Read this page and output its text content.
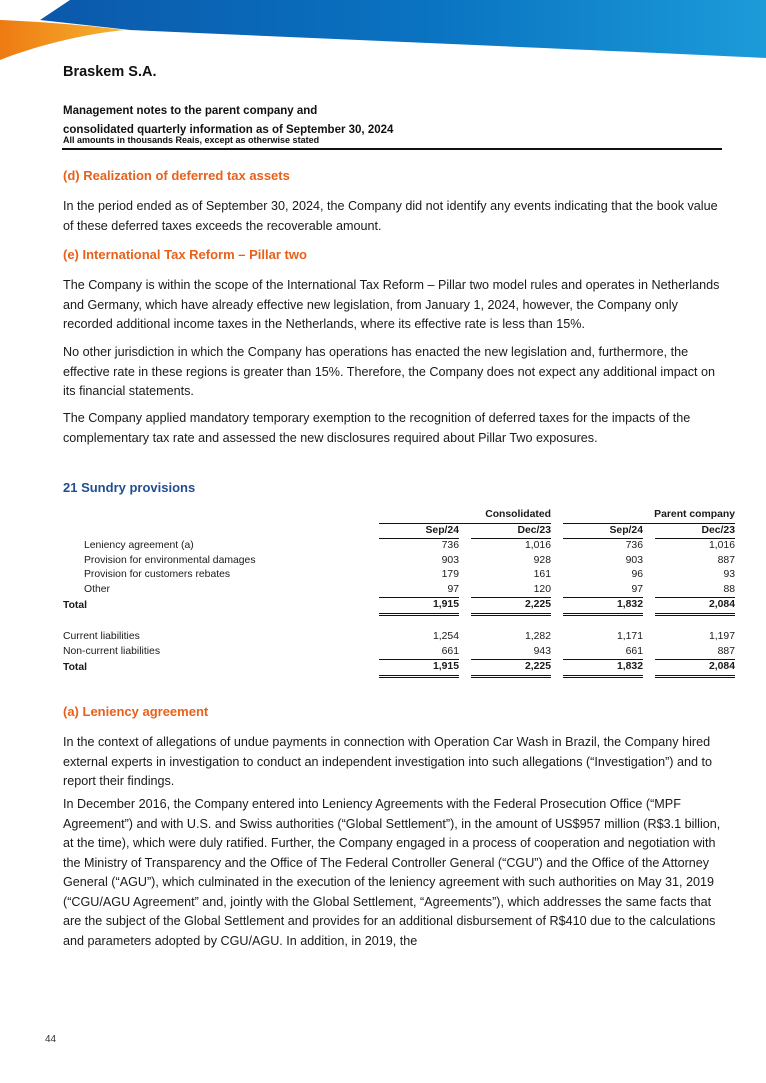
Braskem S.A.
Management notes to the parent company and
consolidated quarterly information as of September 30, 2024
All amounts in thousands Reais, except as otherwise stated
(d) Realization of deferred tax assets

In the period ended as of September 30, 2024, the Company did not identify any events indicating that the book value of these deferred taxes exceeds the recoverable amount.

(e) International Tax Reform – Pillar two

The Company is within the scope of the International Tax Reform – Pillar two model rules and operates in Netherlands and Germany, which have already effective new legislation, from January 1, 2024, however, the Company only recorded additional income taxes in the Netherlands, where its effective rate is less than 15%.

No other jurisdiction in which the Company has operations has enacted the new legislation and, furthermore, the effective rate in these regions is greater than 15%. Therefore, the Company does not expect any additional impact on its financial statements.

The Company applied mandatory temporary exemption to the recognition of deferred taxes for the impacts of the complementary tax rate and assessed the new disclosures required about Pillar Two exposures.

21 Sundry provisions
	Consolidated				Parent company		
	Sep/24		Dec/23		Sep/24		Dec/23
Leniency agreement (a)	736		1,016		736		1,016
Provision for environmental damages	903		928		903		887
Provision for customers rebates	179		161		96		93
Other	97		120		97		88
Total	1,915		2,225		1,832		2,084

Current liabilities	1,254		1,282		1,171		1,197
Non-current liabilities	661		943		661		887
Total	1,915		2,225		1,832		2,084
(a) Leniency agreement

In the context of allegations of undue payments in connection with Operation Car Wash in Brazil, the Company hired external experts in investigation to conduct an independent investigation into such allegations (“Investigation”) and to report their findings.

In December 2016, the Company entered into Leniency Agreements with the Federal Prosecution Office (“MPF Agreement”) and with U.S. and Swiss authorities (“Global Settlement”), in the amount of US$957 million (R$3.1 billion, at the time), which were duly ratified. Further, the Company engaged in a process of cooperation and negotiation with the Ministry of Transparency and the Office of The Federal Controller General (“CGU”) and the Office of the Attorney General (“AGU”), which culminated in the execution of the leniency agreement with such authorities on May 31, 2019 (“CGU/AGU Agreement” and, jointly with the Global Settlement, “Agreements”), which addresses the same facts that are the subject of the Global Settlement and provides for an additional disbursement of R$410 due to the calculations and parameters adopted by CGU/AGU. In addition, in 2019, the

44
